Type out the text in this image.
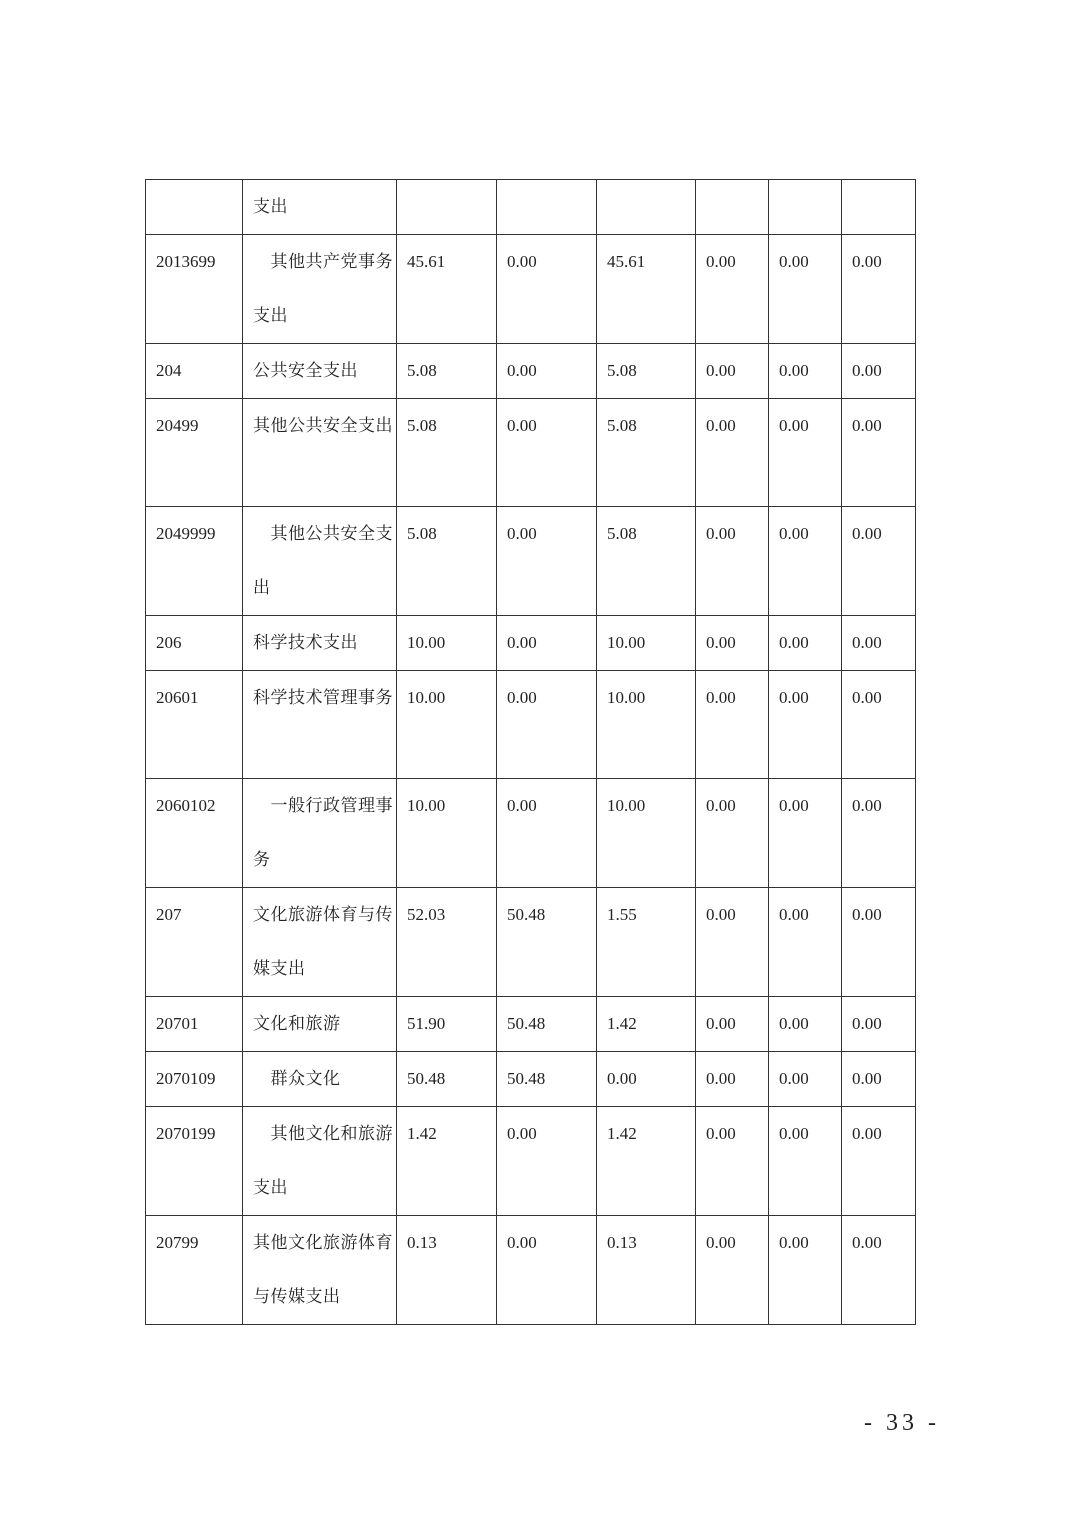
	支出						
2013699	　其他共产党事务支出	45.61	0.00	45.61	0.00	0.00	0.00
204	公共安全支出	5.08	0.00	5.08	0.00	0.00	0.00
20499	其他公共安全支出	5.08	0.00	5.08	0.00	0.00	0.00
2049999	　其他公共安全支出	5.08	0.00	5.08	0.00	0.00	0.00
206	科学技术支出	10.00	0.00	10.00	0.00	0.00	0.00
20601	科学技术管理事务	10.00	0.00	10.00	0.00	0.00	0.00
2060102	　一般行政管理事务	10.00	0.00	10.00	0.00	0.00	0.00
207	文化旅游体育与传媒支出	52.03	50.48	1.55	0.00	0.00	0.00
20701	文化和旅游	51.90	50.48	1.42	0.00	0.00	0.00
2070109	　群众文化	50.48	50.48	0.00	0.00	0.00	0.00
2070199	　其他文化和旅游支出	1.42	0.00	1.42	0.00	0.00	0.00
20799	其他文化旅游体育与传媒支出	0.13	0.00	0.13	0.00	0.00	0.00
- 33 -
